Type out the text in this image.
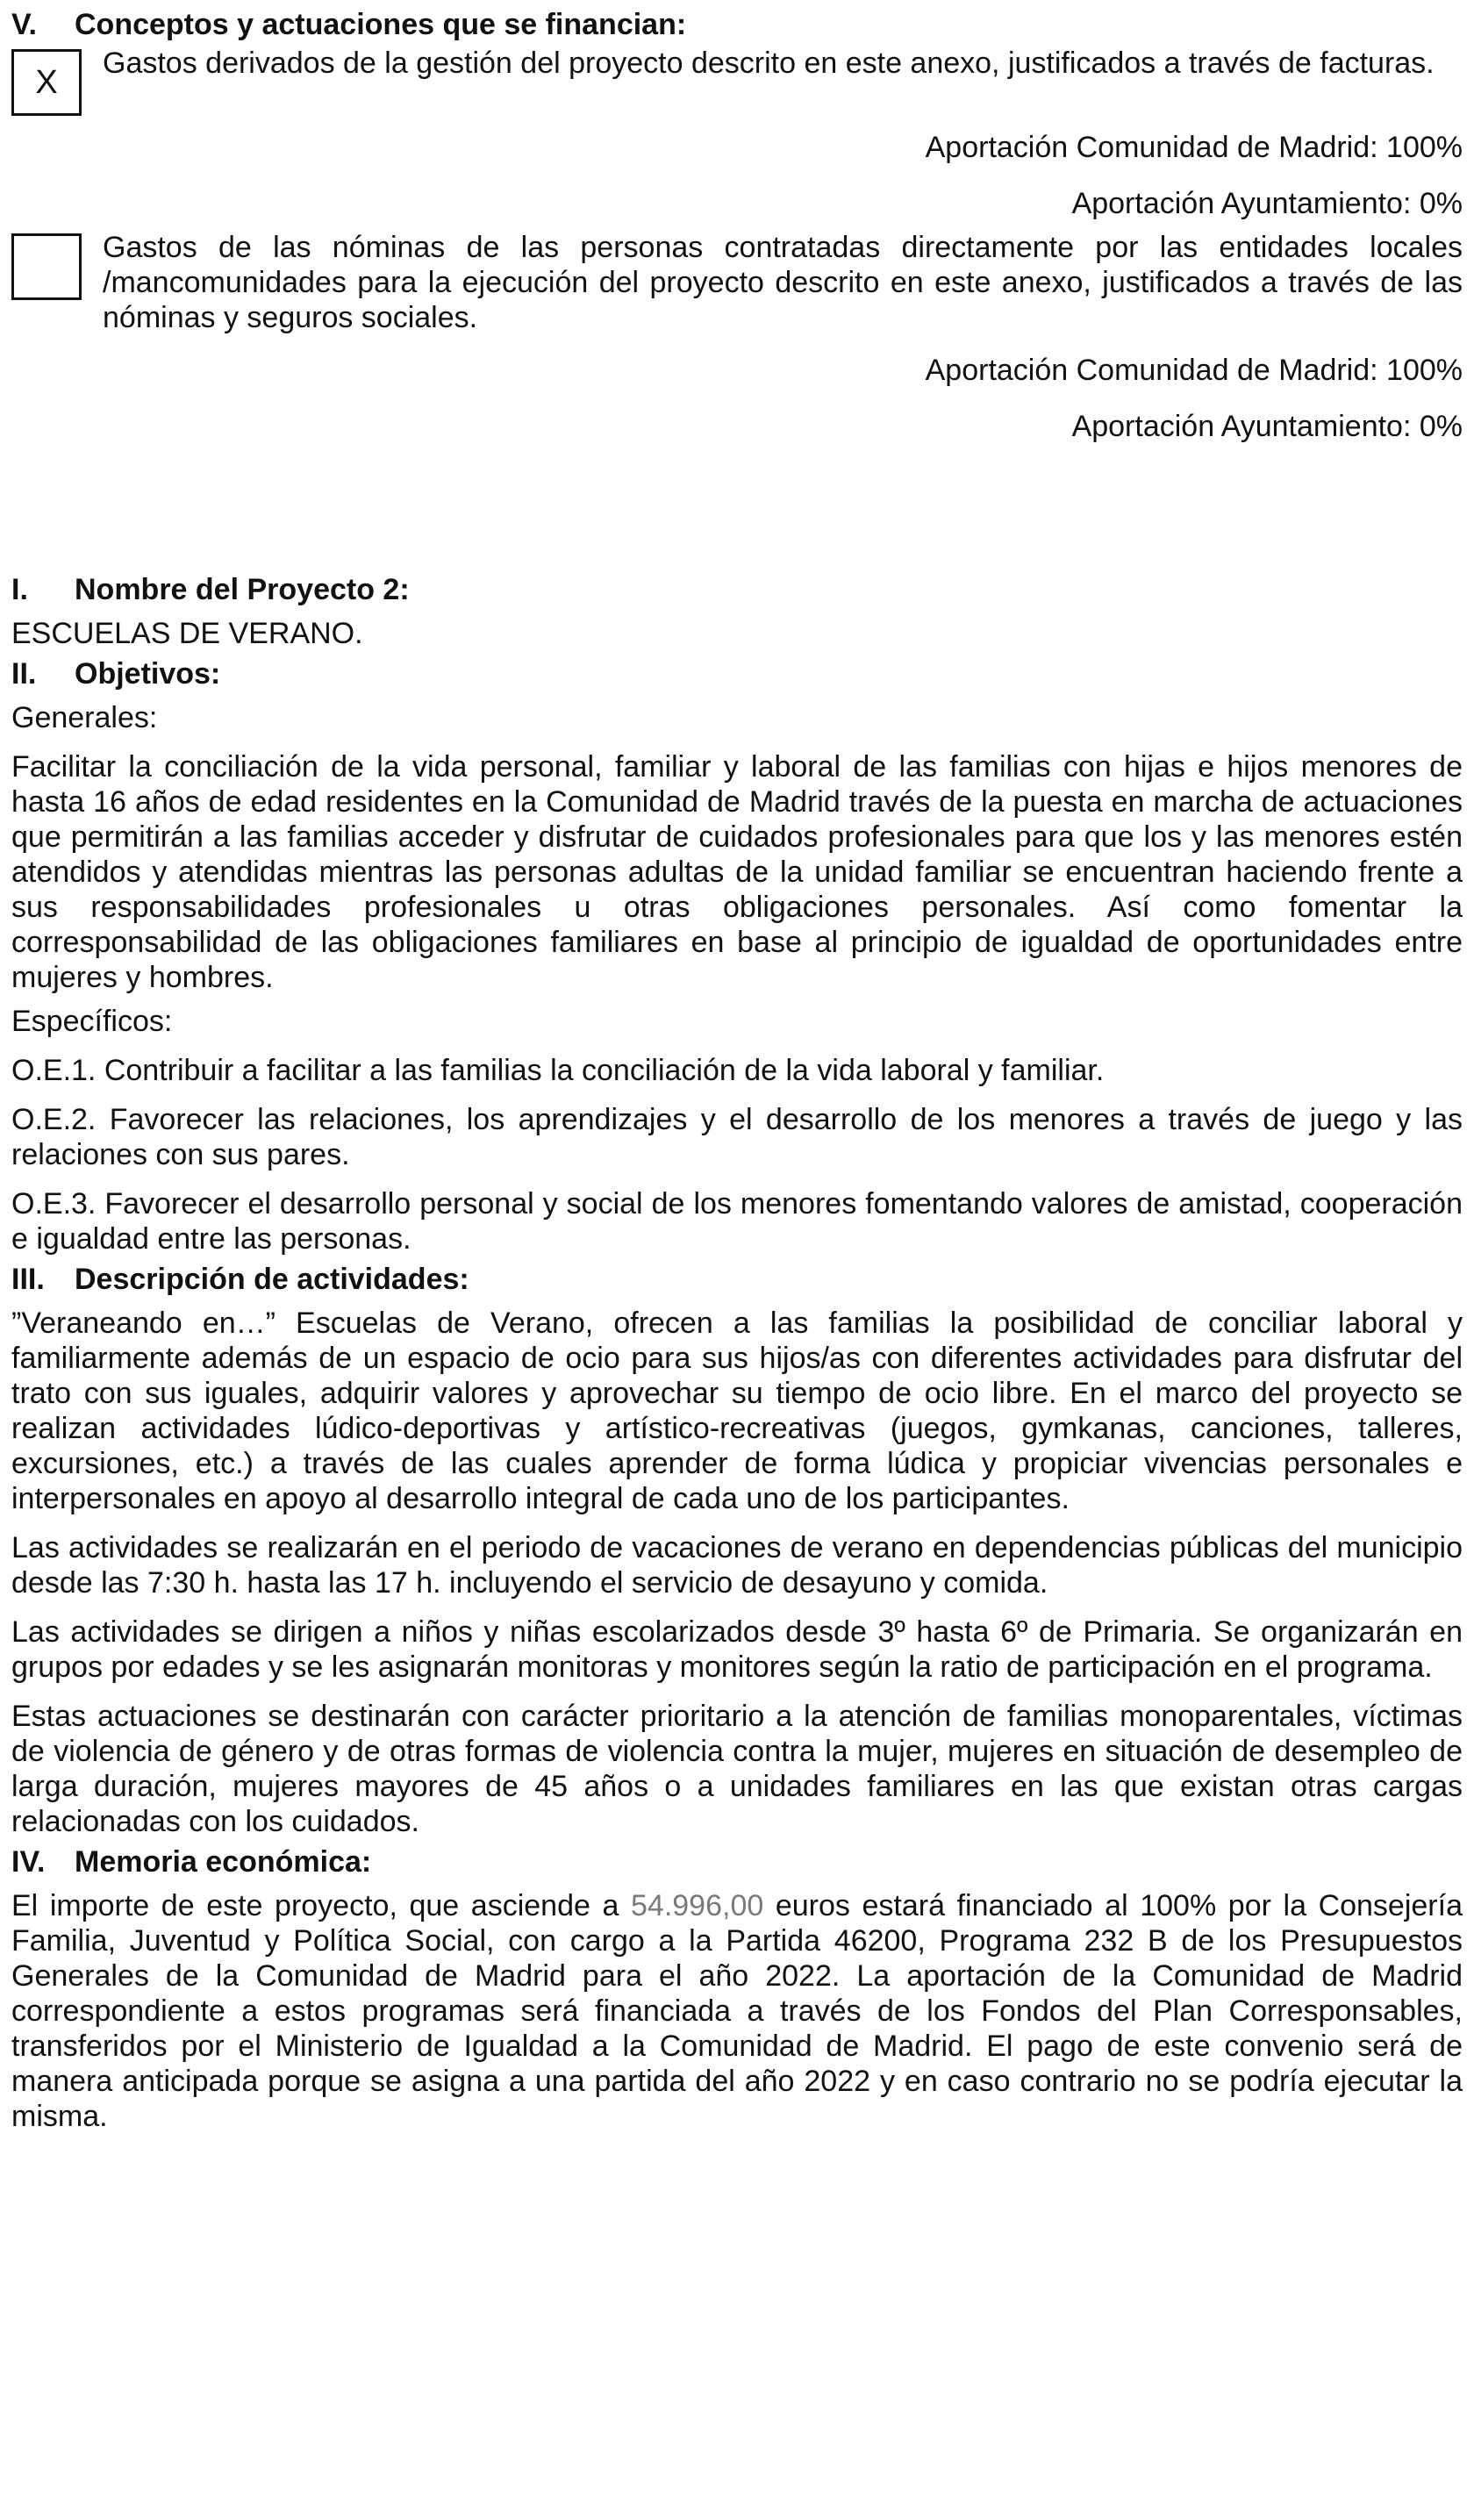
V.	Conceptos y actuaciones que se financian:
X
Gastos derivados de la gestión del proyecto descrito en este anexo, justificados a través de facturas.

Aportación Comunidad de Madrid: 100%

Aportación Ayuntamiento: 0%

Gastos de las nóminas de las personas contratadas directamente por las entidades locales /mancomunidades para la ejecución del proyecto descrito en este anexo, justificados a través de las nóminas y seguros sociales.

Aportación Comunidad de Madrid: 100%

Aportación Ayuntamiento: 0%

I.	Nombre del Proyecto 2:

ESCUELAS DE VERANO.

II.	Objetivos:

Generales:

Facilitar la conciliación de la vida personal, familiar y laboral de las familias con hijas e hijos menores de hasta 16 años de edad residentes en la Comunidad de Madrid través de la puesta en marcha de actuaciones que permitirán a las familias acceder y disfrutar de cuidados profesionales para que los y las menores estén atendidos y atendidas mientras las personas adultas de la unidad familiar se encuentran haciendo frente a sus responsabilidades profesionales u otras obligaciones personales. Así como fomentar la corresponsabilidad de las obligaciones familiares en base al principio de igualdad de oportunidades entre mujeres y hombres.

Específicos:

O.E.1. Contribuir a facilitar a las familias la conciliación de la vida laboral y familiar.

O.E.2. Favorecer las relaciones, los aprendizajes y el desarrollo de los menores a través de juego y las relaciones con sus pares.

O.E.3. Favorecer el desarrollo personal y social de los menores fomentando valores de amistad, cooperación e igualdad entre las personas.

III.	Descripción de actividades:

”Veraneando en…” Escuelas de Verano, ofrecen a las familias la posibilidad de conciliar laboral y familiarmente además de un espacio de ocio para sus hijos/as con diferentes actividades para disfrutar del trato con sus iguales, adquirir valores y aprovechar su tiempo de ocio libre. En el marco del proyecto se realizan actividades lúdico-deportivas y artístico-recreativas (juegos, gymkanas, canciones, talleres, excursiones, etc.) a través de las cuales aprender de forma lúdica y propiciar vivencias personales e interpersonales en apoyo al desarrollo integral de cada uno de los participantes.

Las actividades se realizarán en el periodo de vacaciones de verano en dependencias públicas del municipio desde las 7:30 h. hasta las 17 h. incluyendo el servicio de desayuno y comida.

Las actividades se dirigen a niños y niñas escolarizados desde 3º hasta 6º de Primaria. Se organizarán en grupos por edades y se les asignarán monitoras y monitores según la ratio de participación en el programa.

Estas actuaciones se destinarán con carácter prioritario a la atención de familias monoparentales, víctimas de violencia de género y de otras formas de violencia contra la mujer, mujeres en situación de desempleo de larga duración, mujeres mayores de 45 años o a unidades familiares en las que existan otras cargas relacionadas con los cuidados.

IV. Memoria económica:

El importe de este proyecto, que asciende a 54.996,00 euros estará financiado al 100% por la Consejería Familia, Juventud y Política Social, con cargo a la Partida 46200, Programa 232 B de los Presupuestos Generales de la Comunidad de Madrid para el año 2022. La aportación de la Comunidad de Madrid correspondiente a estos programas será financiada a través de los Fondos del Plan Corresponsables, transferidos por el Ministerio de Igualdad a la Comunidad de Madrid. El pago de este convenio será de manera anticipada porque se asigna a una partida del año 2022 y en caso contrario no se podría ejecutar la misma.
